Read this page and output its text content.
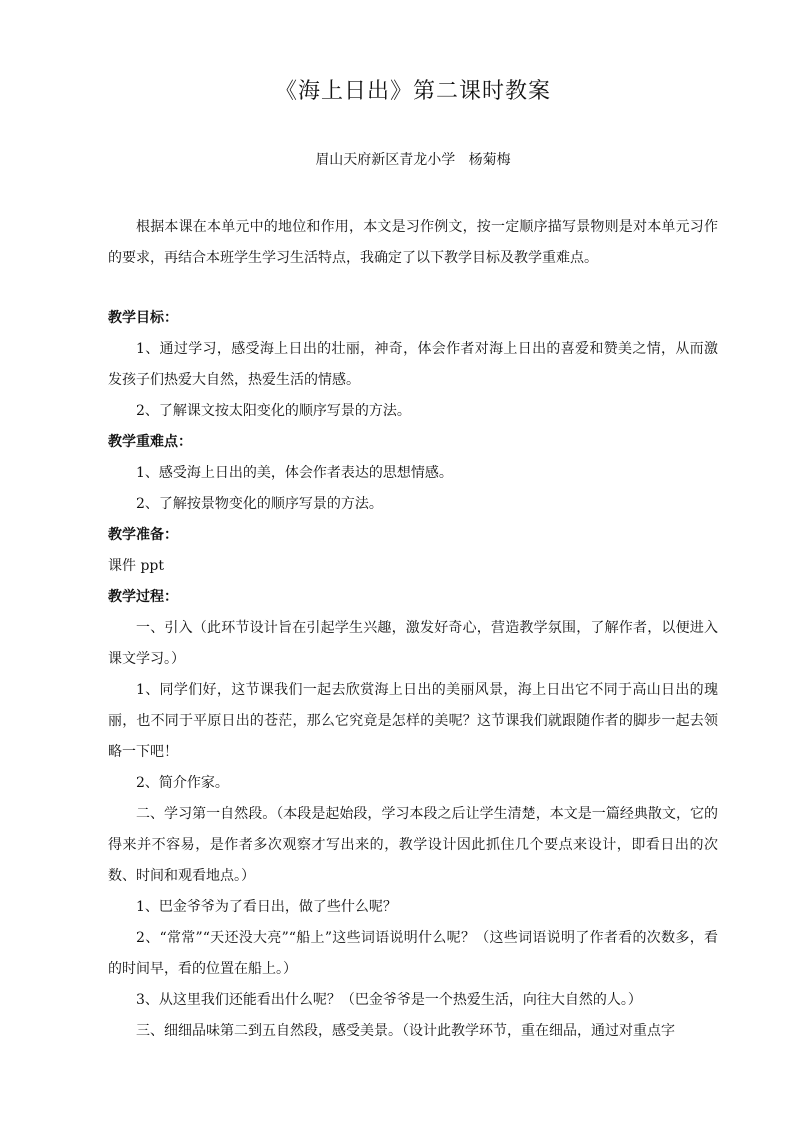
《海上日出》第二课时教案
眉山天府新区青龙小学   杨菊梅

根据本课在本单元中的地位和作用，本文是习作例文，按一定顺序描写景物则是对本单元习作的要求，再结合本班学生学习生活特点，我确定了以下教学目标及教学重难点。

教学目标：

1、通过学习，感受海上日出的壮丽，神奇，体会作者对海上日出的喜爱和赞美之情，从而激发孩子们热爱大自然，热爱生活的情感。

2、了解课文按太阳变化的顺序写景的方法。

教学重难点：

1、感受海上日出的美，体会作者表达的思想情感。

2、了解按景物变化的顺序写景的方法。

教学准备：

课件 ppt

教学过程：

一、引入（此环节设计旨在引起学生兴趣，激发好奇心，营造教学氛围，了解作者，以便进入课文学习。）

1、同学们好，这节课我们一起去欣赏海上日出的美丽风景，海上日出它不同于高山日出的瑰丽，也不同于平原日出的苍茫，那么它究竟是怎样的美呢？这节课我们就跟随作者的脚步一起去领略一下吧！

2、简介作家。

二、学习第一自然段。（本段是起始段，学习本段之后让学生清楚，本文是一篇经典散文，它的得来并不容易，是作者多次观察才写出来的，教学设计因此抓住几个要点来设计，即看日出的次数、时间和观看地点。）

1、巴金爷爷为了看日出，做了些什么呢？

2、“常常”“天还没大亮”“船上”这些词语说明什么呢？（这些词语说明了作者看的次数多，看的时间早，看的位置在船上。）

3、从这里我们还能看出什么呢？（巴金爷爷是一个热爱生活，向往大自然的人。）

三、细细品味第二到五自然段，感受美景。（设计此教学环节，重在细品，通过对重点字
